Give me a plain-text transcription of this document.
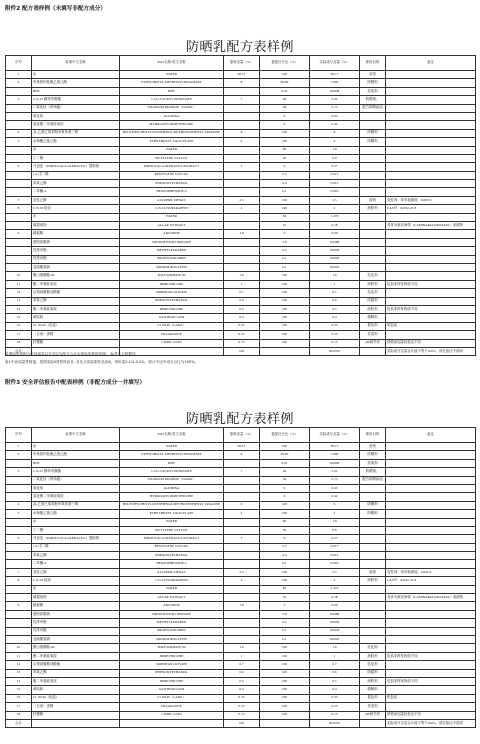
附件2 配方表样例（未填写非配方成分）
防晒乳配方表样例
序号	标准中文名称	INCI名称/英文名称	原料含量（%）	复配百分比（%）	实际成分含量（%）	使用目的	备注
1	水	WATER	60.15	100	60.15	溶剂	
2	甲氧基肉桂酸乙基己酯	ETHYLHEXYL METHOXYCINNAMATE	8	99.99	7.999	防晒剂	
	BHT	BHT		0.01	0.0008	抗氧剂	
3	C12-15 醇苯甲酸酯	C12-15 ALKYL BENZOATE	7	46	3.22	防晒剂；	
	二氧化钛（纳米级）	TITANIUM DIOXIDE（NANO）		39	2.73	配方防晒添加	
	氧化铝	ALUMINA		9	0.63		
	氢化聚二甲基硅氧烷	HYDROGEN DIMETHICONE		6	0.42		
4	双-乙基己氧苯酚甲氧苯基三嗪	BIS-ETHYLHEXYLOXYPHENOL METHOXYPHENYL TRIAZINE	6	100	6	防晒剂	
5	水杨酸乙基己酯	ETHYLHEXYL SALICYLATE	4	100	4	防晒剂	
	水	WATER		60	1.8		
	丁二醇	BUTYLENE GLYCOL		30	0.9		
6	马齿苋（PORTULACA OLERACEA）提取物	PORTULACA OLERACEA EXTRACT	3	9	0.27		
	1,2-戊二醇	PENTYLENE GLYCOL		0.5	0.015		
	苯氧乙醇	PHENOXYETHANOL		0.4	0.012		
	二苯酮-4	BENZOPHENONE-4		0.1	0.003		
7	变性乙醇	ALCOHOL DENAT.	2.5	100	2.5	溶剂	变性剂：苯甲地那铵，0.001%
8	C15-19 烷烃	C15-19 ISOPARAFFIN	2	100	2	润肤剂	CAS号：64742-47-8
	水	WATER		82	1.476		
	藻提取物	ALGAE EXTRACT		10	0.18		具体为掌状海带（LAMINARIA DIGITATA）来源物
9	精氨酸	ARGININE	1.8	5	0.09		
	透明质酸钠	SODIUM HYALURONATE		2.6	0.0468		
	羟苯甲酯	METHYLPARABEN		0.2	0.0036		
	羟苯丙酯	PROPYLPARABEN		0.1	0.0018		
	亚硫酸氢钠	SODIUM BISULFITE		0.1	0.0018		
10	聚山梨醇酯-80	POLYSORBATE 80	1.6	100	1.6	乳化剂	
11	聚二甲基硅氧烷	DIMETHICONE	1	100	1	润肤剂	包括非挥发物质不同
12	山梨坦橄榄油酸酯	SORBITAN OLIVATE	0.7	100	0.7	乳化剂	
13	苯氧乙醇	PHENOXYETHANOL	0.6	100	0.6	防腐剂	
14	聚二甲基硅氧烷	DIMETHICONE	0.5	100	0.5	润肤剂	包括非挥发物质不同
15	黄原胶	XANTHAN GUM	0.4	100	0.4	增稠剂	
16	CI 19140（色淀）	CI 19140（LAKE）	0.35	100	0.35	着色剂	铝色淀
17	（日用）香精	FRAGRANCE	0.25	100	0.25	芳香剂	
18	柠檬酸	CITRIC ACID	0.15	100	0.15	pH调节剂	即使添加量较低也不同
合计			100		99.9702		实际成分含量合计值不等于100%，请在备注中说明
所谓添加剂配合可视择香以方可以为配方合计实现添加系统质理。 参考多分数据列。
表1中添加量等数值，按照实际Ⅱ剂型时而各. 各处为实际制作品由Ⅲ，每份量0.1%-0.2%，即计中达中成分百比为100%。
附件3 安全评估报告中配表样例（非配方成分一并填写）
防晒乳配方表样例
序号	标准中文名称	INCI名称/英文名称	原料含量（%）	复配百分比（%）	实际成分含量（%）	使用目的	备注
1	水	WATER	60.15	100	60.15	溶剂	
2	甲氧基肉桂酸乙基己酯	ETHYLHEXYL METHOXYCINNAMATE	8	99.99	7.999	防晒剂	
	BHT	BHT		0.01	0.0008	抗氧剂	
3	C12-15 醇苯甲酸酯	C12-15 ALKYL BENZOATE	7	46	3.22	防晒剂；	
	二氧化钛（纳米级）	TITANIUM DIOXIDE（NANO）		39	2.73	配方防晒添加	
	氧化铝	ALUMINA		9	0.63		
	氢化聚二甲基硅氧烷	HYDROGEN DIMETHICONE		6	0.42		
4	双-乙基己氧苯酚甲氧苯基三嗪	BIS-ETHYLHEXYLOXYPHENOL METHOXYPHENYL TRIAZINE	6	100	6	防晒剂	
5	水杨酸乙基己酯	ETHYLHEXYL SALICYLATE	4	100	4	防晒剂	
	水	WATER		60	1.8		
	丁二醇	BUTYLENE GLYCOL		30	0.9		
6	马齿苋（PORTULACA OLERACEA）提取物	PORTULACA OLERACEA EXTRACT	3	9	0.27		
	1,2-戊二醇	PENTYLENE GLYCOL		0.5	0.015		
	苯氧乙醇	PHENOXYETHANOL		0.4	0.012		
	二苯酮-4	BENZOPHENONE-4		0.1	0.003		
7	变性乙醇	ALCOHOL DENAT.	2.5	100	2.5	溶剂	变性剂：苯甲地那铵，0.001%
8	C15-19 烷烃	C15-19 ISOPARAFFIN	2	100	2	润肤剂	CAS号：64742-47-8
	水	WATER		82	1.476		
	藻提取物	ALGAE EXTRACT		10	0.18		具体为掌状海带（LAMINARIA DIGITATA）来源物
9	精氨酸	ARGININE	1.8	5	0.09		
	透明质酸钠	SODIUM HYALURONATE		2.6	0.0468		
	羟苯甲酯	METHYLPARABEN		0.2	0.0036		
	羟苯丙酯	PROPYLPARABEN		0.1	0.0018		
	亚硫酸氢钠	SODIUM BISULFITE		0.1	0.0018		
10	聚山梨醇酯-80	POLYSORBATE 80	1.6	100	1.6	乳化剂	
11	聚二甲基硅氧烷	DIMETHICONE	1	100	1	润肤剂	包括非挥发物质不同
12	山梨坦橄榄油酸酯	SORBITAN OLIVATE	0.7	100	0.7	乳化剂	
13	苯氧乙醇	PHENOXYETHANOL	0.6	100	0.6	防腐剂	
14	聚二甲基硅氧烷	DIMETHICONE	0.5	100	0.5	润肤剂	包括非挥发物质不同
15	黄原胶	XANTHAN GUM	0.4	100	0.4	增稠剂	
16	CI 19140（色淀）	CI 19140（LAKE）	0.35	100	0.35	着色剂	铝色淀
17	（日用）香精	FRAGRANCE	0.25	100	0.25	芳香剂	
18	柠檬酸	CITRIC ACID	0.15	100	0.15	pH调节剂	即使添加量较低也不同
合计			100		99.9702		实际成分含量合计值不等于100%，请在备注中说明
